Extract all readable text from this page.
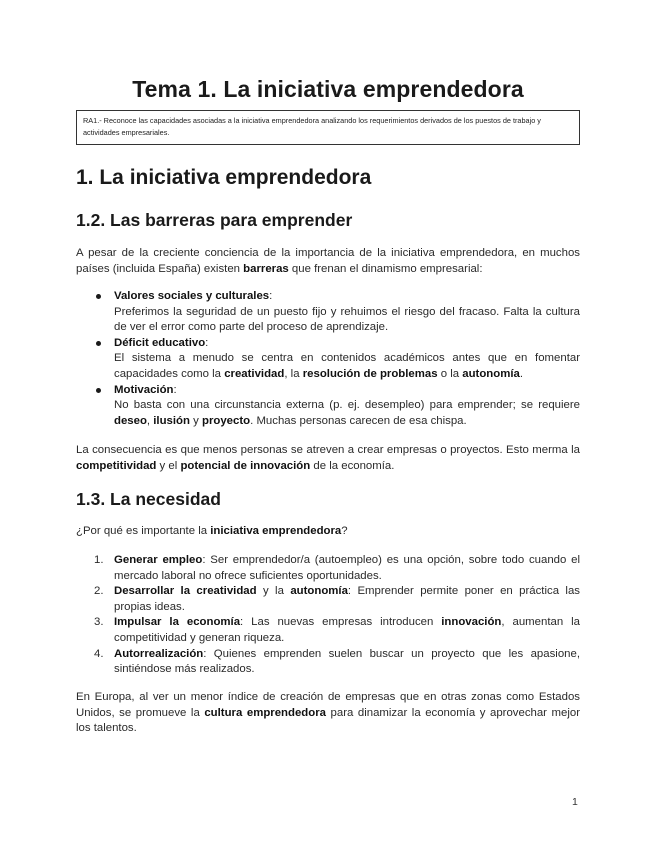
Tema 1. La iniciativa emprendedora
RA1.- Reconoce las capacidades asociadas a la iniciativa emprendedora analizando los requerimientos derivados de los puestos de trabajo y actividades empresariales.
1. La iniciativa emprendedora
1.2. Las barreras para emprender

A pesar de la creciente conciencia de la importancia de la iniciativa emprendedora, en muchos países (incluida España) existen barreras que frenan el dinamismo empresarial:

Valores sociales y culturales:
Preferimos la seguridad de un puesto fijo y rehuimos el riesgo del fracaso. Falta la cultura de ver el error como parte del proceso de aprendizaje.
Déficit educativo:
El sistema a menudo se centra en contenidos académicos antes que en fomentar capacidades como la creatividad, la resolución de problemas o la autonomía.
Motivación:
No basta con una circunstancia externa (p. ej. desempleo) para emprender; se requiere deseo, ilusión y proyecto. Muchas personas carecen de esa chispa.

La consecuencia es que menos personas se atreven a crear empresas o proyectos. Esto merma la competitividad y el potencial de innovación de la economía.

1.3. La necesidad

¿Por qué es importante la iniciativa emprendedora?

1. Generar empleo: Ser emprendedor/a (autoempleo) es una opción, sobre todo cuando el mercado laboral no ofrece suficientes oportunidades.
2. Desarrollar la creatividad y la autonomía: Emprender permite poner en práctica las propias ideas.
3. Impulsar la economía: Las nuevas empresas introducen innovación, aumentan la competitividad y generan riqueza.
4. Autorrealización: Quienes emprenden suelen buscar un proyecto que les apasione, sintiéndose más realizados.

En Europa, al ver un menor índice de creación de empresas que en otras zonas como Estados Unidos, se promueve la cultura emprendedora para dinamizar la economía y aprovechar mejor los talentos.

1
